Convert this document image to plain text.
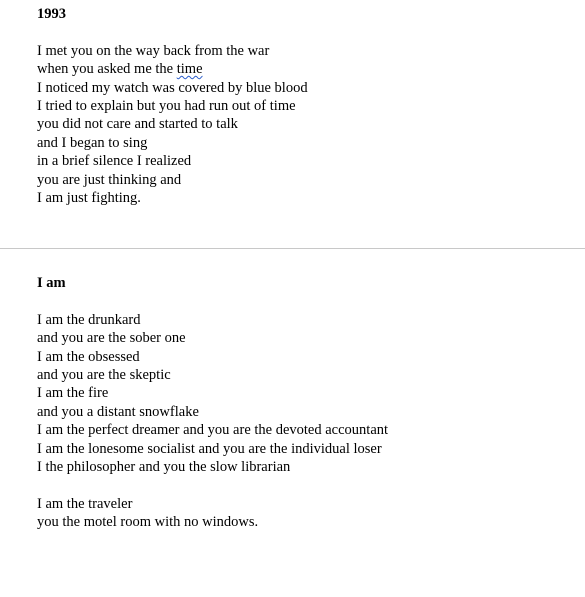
1993

I met you on the way back from the war
when you asked me the time
I noticed my watch was covered by blue blood
I tried to explain but you had run out of time
you did not care and started to talk
and I began to sing
in a brief silence I realized
you are just thinking and
I am just fighting.

I am

I am the drunkard
and you are the sober one
I am the obsessed
and you are the skeptic
I am the fire
and you a distant snowflake
I am the perfect dreamer and you are the devoted accountant
I am the lonesome socialist and you are the individual loser
I the philosopher and you the slow librarian
I am the traveler
you the motel room with no windows.
